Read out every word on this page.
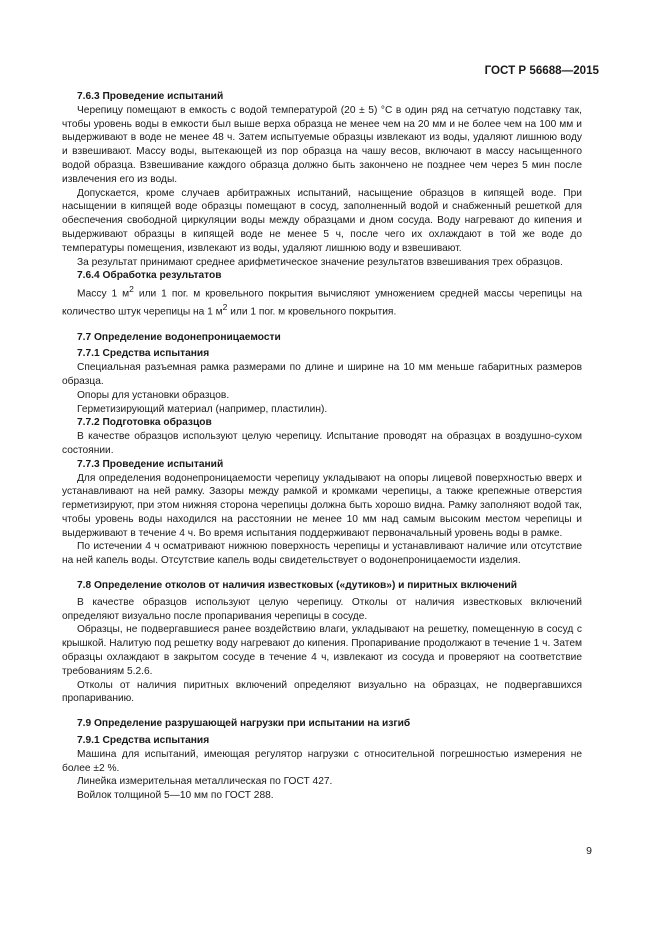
ГОСТ Р 56688—2015
7.6.3 Проведение испытаний

Черепицу помещают в емкость с водой температурой (20 ± 5) °С в один ряд на сетчатую подставку так, чтобы уровень воды в емкости был выше верха образца не менее чем на 20 мм и не более чем на 100 мм и выдерживают в воде не менее 48 ч. Затем испытуемые образцы извлекают из воды, удаляют лишнюю воду и взвешивают. Массу воды, вытекающей из пор образца на чашу весов, включают в массу насыщенного водой образца. Взвешивание каждого образца должно быть закончено не позднее чем через 5 мин после извлечения его из воды.

Допускается, кроме случаев арбитражных испытаний, насыщение образцов в кипящей воде. При насыщении в кипящей воде образцы помещают в сосуд, заполненный водой и снабженный решеткой для обеспечения свободной циркуляции воды между образцами и дном сосуда. Воду нагревают до кипения и выдерживают образцы в кипящей воде не менее 5 ч, после чего их охлаждают в той же воде до температуры помещения, извлекают из воды, удаляют лишнюю воду и взвешивают.

За результат принимают среднее арифметическое значение результатов взвешивания трех образцов.

7.6.4 Обработка результатов

Массу 1 $м^2$ или 1 пог. м кровельного покрытия вычисляют умножением средней массы черепицы на количество штук черепицы на 1 $м^2$ или 1 пог. м кровельного покрытия.

7.7 Определение водонепроницаемости
7.7.1 Средства испытания

Специальная разъемная рамка размерами по длине и ширине на 10 мм меньше габаритных размеров образца.

Опоры для установки образцов.

Герметизирующий материал (например, пластилин).

7.7.2 Подготовка образцов

В качестве образцов используют целую черепицу. Испытание проводят на образцах в воздушно-сухом состоянии.

7.7.3 Проведение испытаний

Для определения водонепроницаемости черепицу укладывают на опоры лицевой поверхностью вверх и устанавливают на ней рамку. Зазоры между рамкой и кромками черепицы, а также крепежные отверстия герметизируют, при этом нижняя сторона черепицы должна быть хорошо видна. Рамку заполняют водой так, чтобы уровень воды находился на расстоянии не менее 10 мм над самым высоким местом черепицы и выдерживают в течение 4 ч. Во время испытания поддерживают первоначальный уровень воды в рамке.

По истечении 4 ч осматривают нижнюю поверхность черепицы и устанавливают наличие или отсутствие на ней капель воды. Отсутствие капель воды свидетельствует о водонепроницаемости изделия.

7.8 Определение отколов от наличия известковых («дутиков») и пиритных включений

В качестве образцов используют целую черепицу. Отколы от наличия известковых включений определяют визуально после пропаривания черепицы в сосуде.

Образцы, не подвергавшиеся ранее воздействию влаги, укладывают на решетку, помещенную в сосуд с крышкой. Налитую под решетку воду нагревают до кипения. Пропаривание продолжают в течение 1 ч. Затем образцы охлаждают в закрытом сосуде в течение 4 ч, извлекают из сосуда и проверяют на соответствие требованиям 5.2.6.

Отколы от наличия пиритных включений определяют визуально на образцах, не подвергавшихся пропариванию.

7.9 Определение разрушающей нагрузки при испытании на изгиб
7.9.1 Средства испытания

Машина для испытаний, имеющая регулятор нагрузки с относительной погрешностью измерения не более ±2 %.

Линейка измерительная металлическая по ГОСТ 427.

Войлок толщиной 5—10 мм по ГОСТ 288.

9
